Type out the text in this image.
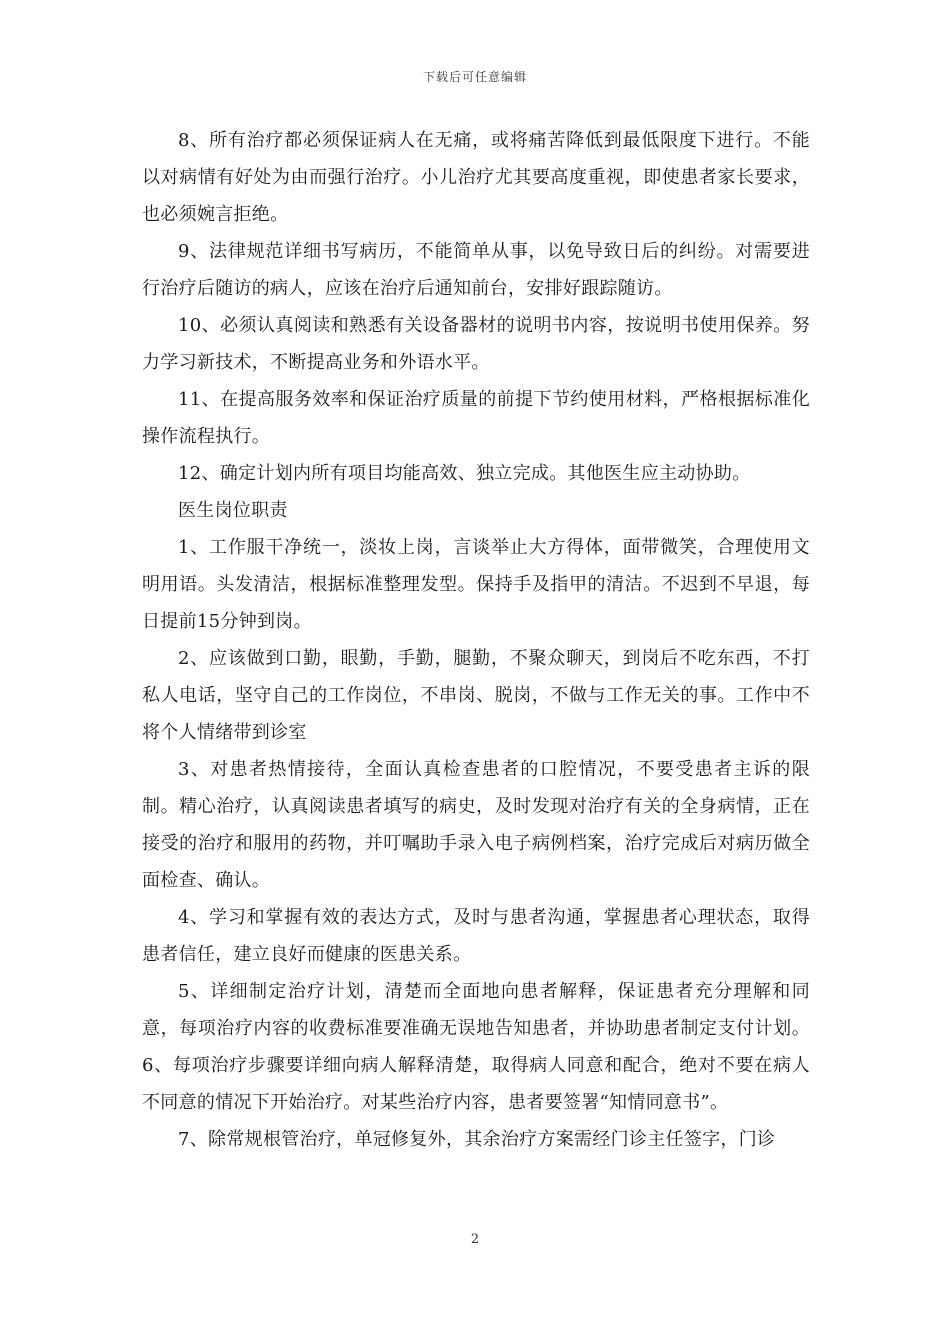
下载后可任意编辑

8、所有治疗都必须保证病人在无痛，或将痛苦降低到最低限度下进行。不能以对病情有好处为由而强行治疗。小儿治疗尤其要高度重视，即使患者家长要求，也必须婉言拒绝。

9、法律规范详细书写病历，不能简单从事，以免导致日后的纠纷。对需要进行治疗后随访的病人，应该在治疗后通知前台，安排好跟踪随访。

10、必须认真阅读和熟悉有关设备器材的说明书内容，按说明书使用保养。努力学习新技术，不断提高业务和外语水平。

11、在提高服务效率和保证治疗质量的前提下节约使用材料，严格根据标准化操作流程执行。

12、确定计划内所有项目均能高效、独立完成。其他医生应主动协助。

医生岗位职责

1、工作服干净统一，淡妆上岗，言谈举止大方得体，面带微笑，合理使用文明用语。头发清洁，根据标准整理发型。保持手及指甲的清洁。不迟到不早退，每日提前15分钟到岗。

2、应该做到口勤，眼勤，手勤，腿勤，不聚众聊天，到岗后不吃东西，不打私人电话，坚守自己的工作岗位，不串岗、脱岗，不做与工作无关的事。工作中不将个人情绪带到诊室

3、对患者热情接待，全面认真检查患者的口腔情况，不要受患者主诉的限制。精心治疗，认真阅读患者填写的病史，及时发现对治疗有关的全身病情，正在接受的治疗和服用的药物，并叮嘱助手录入电子病例档案，治疗完成后对病历做全面检查、确认。

4、学习和掌握有效的表达方式，及时与患者沟通，掌握患者心理状态，取得患者信任，建立良好而健康的医患关系。

5、详细制定治疗计划，清楚而全面地向患者解释，保证患者充分理解和同意，每项治疗内容的收费标准要准确无误地告知患者，并协助患者制定支付计划。6、每项治疗步骤要详细向病人解释清楚，取得病人同意和配合，绝对不要在病人不同意的情况下开始治疗。对某些治疗内容，患者要签署“知情同意书”。

7、除常规根管治疗，单冠修复外，其余治疗方案需经门诊主任签字，门诊

2
